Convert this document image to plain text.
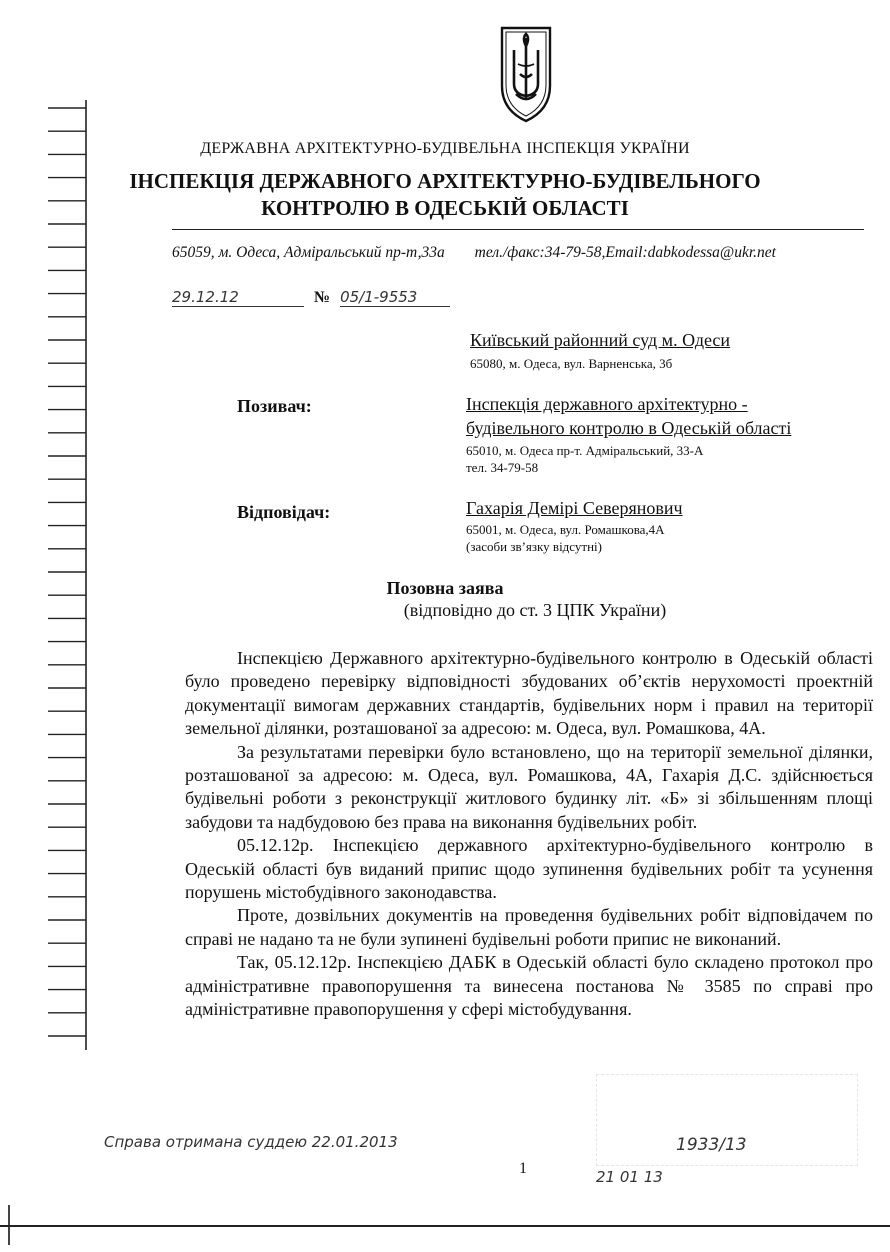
ДЕРЖАВНА АРХІТЕКТУРНО-БУДІВЕЛЬНА ІНСПЕКЦІЯ УКРАЇНИ
ІНСПЕКЦІЯ ДЕРЖАВНОГО АРХІТЕКТУРНО-БУДІВЕЛЬНОГО
КОНТРОЛЮ В ОДЕСЬКІЙ ОБЛАСТІ
65059, м. Одеса, Адміральський пр-т,33а тел./факс:34-79-58,Email:dabkodessa@ukr.net
29.12.12	№ 05/1-9553
Київський районний суд м. Одеси
65080, м. Одеса, вул. Варненська, 3б
Позивач:	Інспекція державного архітектурно -
будівельного контролю в Одеській області
65010, м. Одеса пр-т. Адміральський, 33-А
тел. 34-79-58
Відповідач:	Гахарія Демірі Северянович
65001, м. Одеса, вул. Ромашкова,4А
(засоби зв’язку відсутні)
Позовна заява
(відповідно до ст. 3 ЦПК України)

Інспекцією Державного архітектурно-будівельного контролю в Одеській області було проведено перевірку відповідності збудованих об’єктів нерухомості проектній документації вимогам державних стандартів, будівельних норм і правил на території земельної ділянки, розташованої за адресою: м. Одеса, вул. Ромашкова, 4А.

За результатами перевірки було встановлено, що на території земельної ділянки, розташованої за адресою: м. Одеса, вул. Ромашкова, 4А, Гахарія Д.С. здійснюється будівельні роботи з реконструкції житлового будинку літ. «Б» зі збільшенням площі забудови та надбудовою без права на виконання будівельних робіт.

05.12.12р. Інспекцією державного архітектурно-будівельного контролю в Одеській області був виданий припис щодо зупинення будівельних робіт та усунення порушень містобудівного законодавства.

Проте, дозвільних документів на проведення будівельних робіт відповідачем по справі не надано та не були зупинені будівельні роботи припис не виконаний.

Так, 05.12.12р. Інспекцією ДАБК в Одеській області було складено протокол про адміністративне правопорушення та винесена постанова № 3585 по справі про адміністративне правопорушення у сфері містобудування.

Справа отримана суддею 22.01.2013	1933/13
21 01 13
1
